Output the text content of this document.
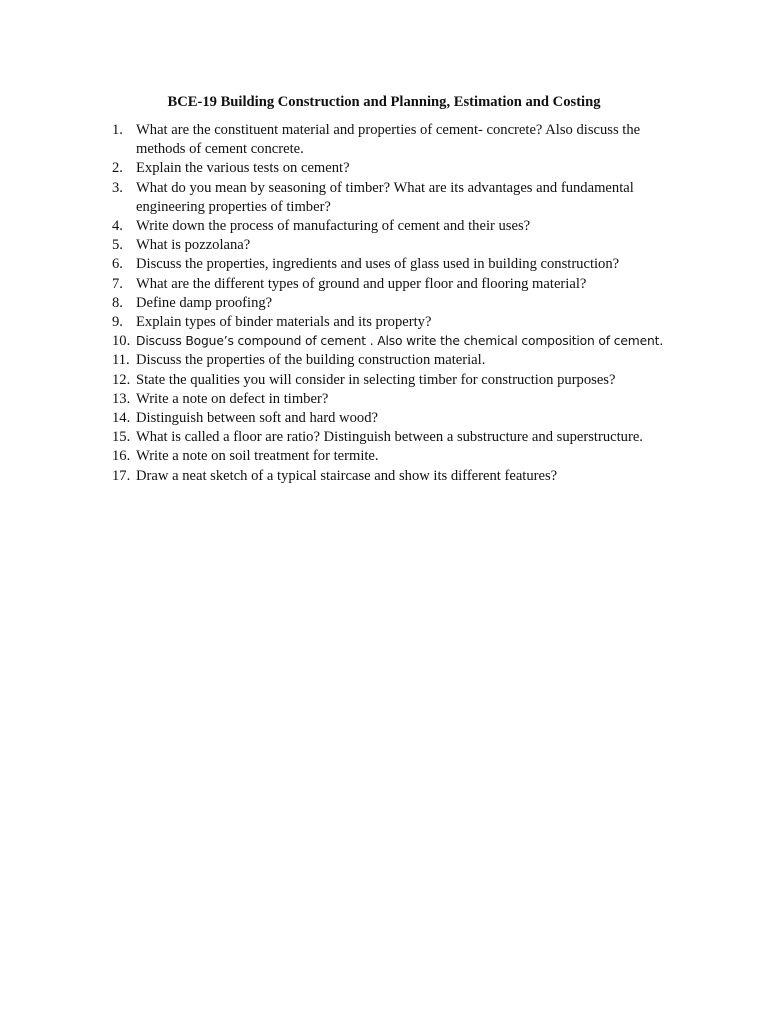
BCE-19 Building Construction and Planning, Estimation and Costing
1. What are the constituent material and properties of cement- concrete? Also discuss the methods of cement concrete.
2. Explain the various tests on cement?
3. What do you mean by seasoning of timber? What are its advantages and fundamental engineering properties of timber?
4. Write down the process of manufacturing of cement and their uses?
5. What is pozzolana?
6. Discuss the properties, ingredients and uses of glass used in building construction?
7. What are the different types of ground and upper floor and flooring material?
8. Define damp proofing?
9. Explain types of binder materials and its property?
10. Discuss Bogue’s compound of cement . Also write the chemical composition of cement.
11. Discuss the properties of the building construction material.
12. State the qualities you will consider in selecting timber for construction purposes?
13. Write a note on defect in timber?
14. Distinguish between soft and hard wood?
15. What is called a floor are ratio? Distinguish between a substructure and superstructure.
16. Write a note on soil treatment for termite.
17. Draw a neat sketch of a typical staircase and show its different features?
